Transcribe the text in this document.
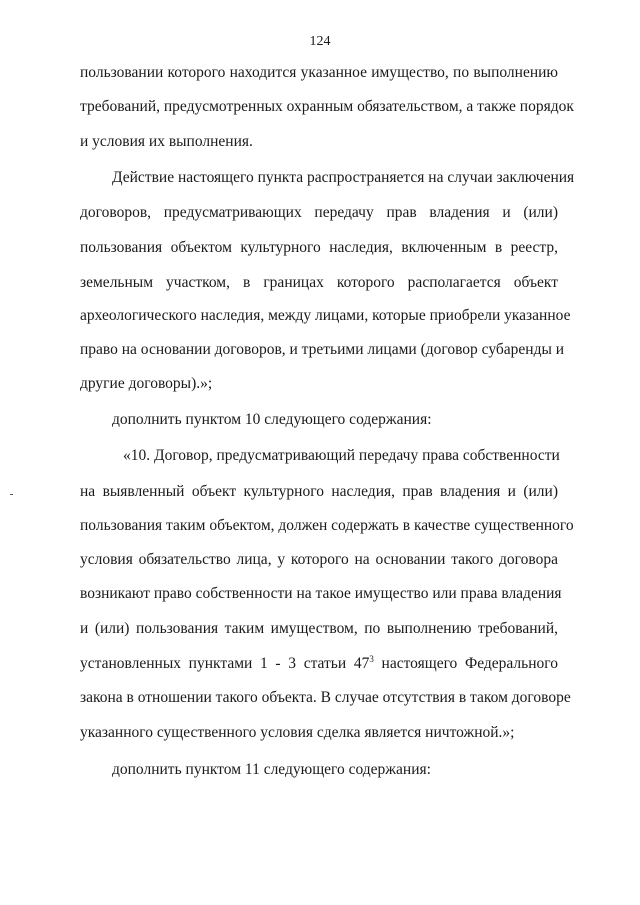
124
пользовании которого находится указанное имущество, по выполнению
требований, предусмотренных охранным обязательством, а также порядок
и условия их выполнения.
Действие настоящего пункта распространяется на случаи заключения
договоров, предусматривающих передачу прав владения и (или)
пользования объектом культурного наследия, включенным в реестр,
земельным участком, в границах которого располагается объект
археологического наследия, между лицами, которые приобрели указанное
право на основании договоров, и третьими лицами (договор субаренды и
другие договоры).»;
дополнить пунктом 10 следующего содержания:
«10. Договор, предусматривающий передачу права собственности
на выявленный объект культурного наследия, прав владения и (или)
пользования таким объектом, должен содержать в качестве существенного
условия обязательство лица, у которого на основании такого договора
возникают право собственности на такое имущество или права владения
и (или) пользования таким имуществом, по выполнению требований,
установленных пунктами 1 - 3 статьи $47^3$ настоящего Федерального
закона в отношении такого объекта. В случае отсутствия в таком договоре
указанного существенного условия сделка является ничтожной.»;
дополнить пунктом 11 следующего содержания:
